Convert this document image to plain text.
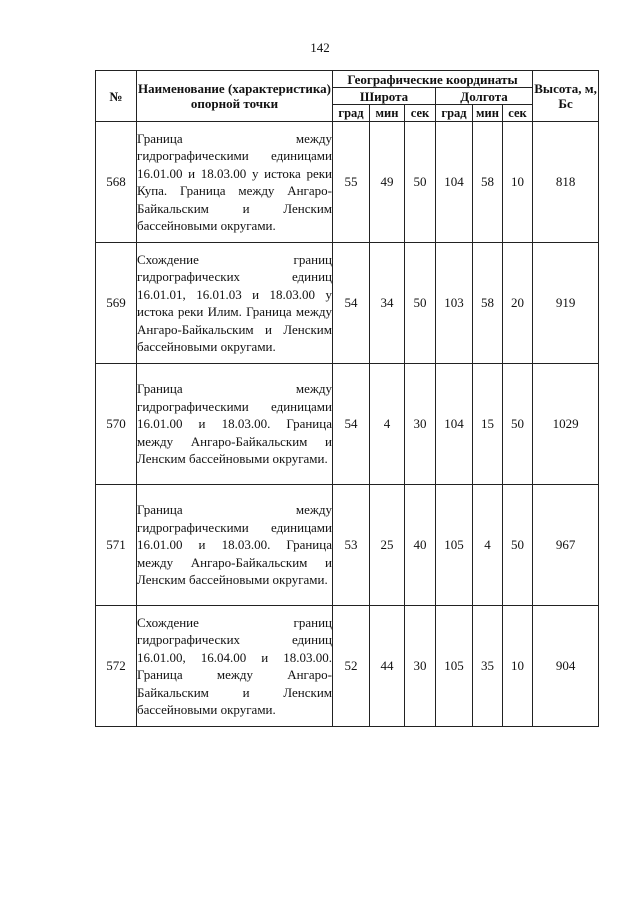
142
№	Наименование (характеристика) опорной точки	Географические координаты						Высота, м, Бс
		Широта			Долгота			
		град	мин	сек	град	мин	сек	
568	Граница между гидрографическими единицами 16.01.00 и 18.03.00 у истока реки Купа. Граница между Ангаро-Байкальским и Ленским бассейновыми округами.	55	49	50	104	58	10	818
569	Схождение границ гидрографических единиц 16.01.01, 16.01.03 и 18.03.00 у истока реки Илим. Граница между Ангаро-Байкальским и Ленским бассейновыми округами.	54	34	50	103	58	20	919
570	Граница между гидрографическими единицами 16.01.00 и 18.03.00. Граница между Ангаро-Байкальским и Ленским бассейновыми округами.	54	4	30	104	15	50	1029
571	Граница между гидрографическими единицами 16.01.00 и 18.03.00. Граница между Ангаро-Байкальским и Ленским бассейновыми округами.	53	25	40	105	4	50	967
572	Схождение границ гидрографических единиц 16.01.00, 16.04.00 и 18.03.00. Граница между Ангаро-Байкальским и Ленским бассейновыми округами.	52	44	30	105	35	10	904
